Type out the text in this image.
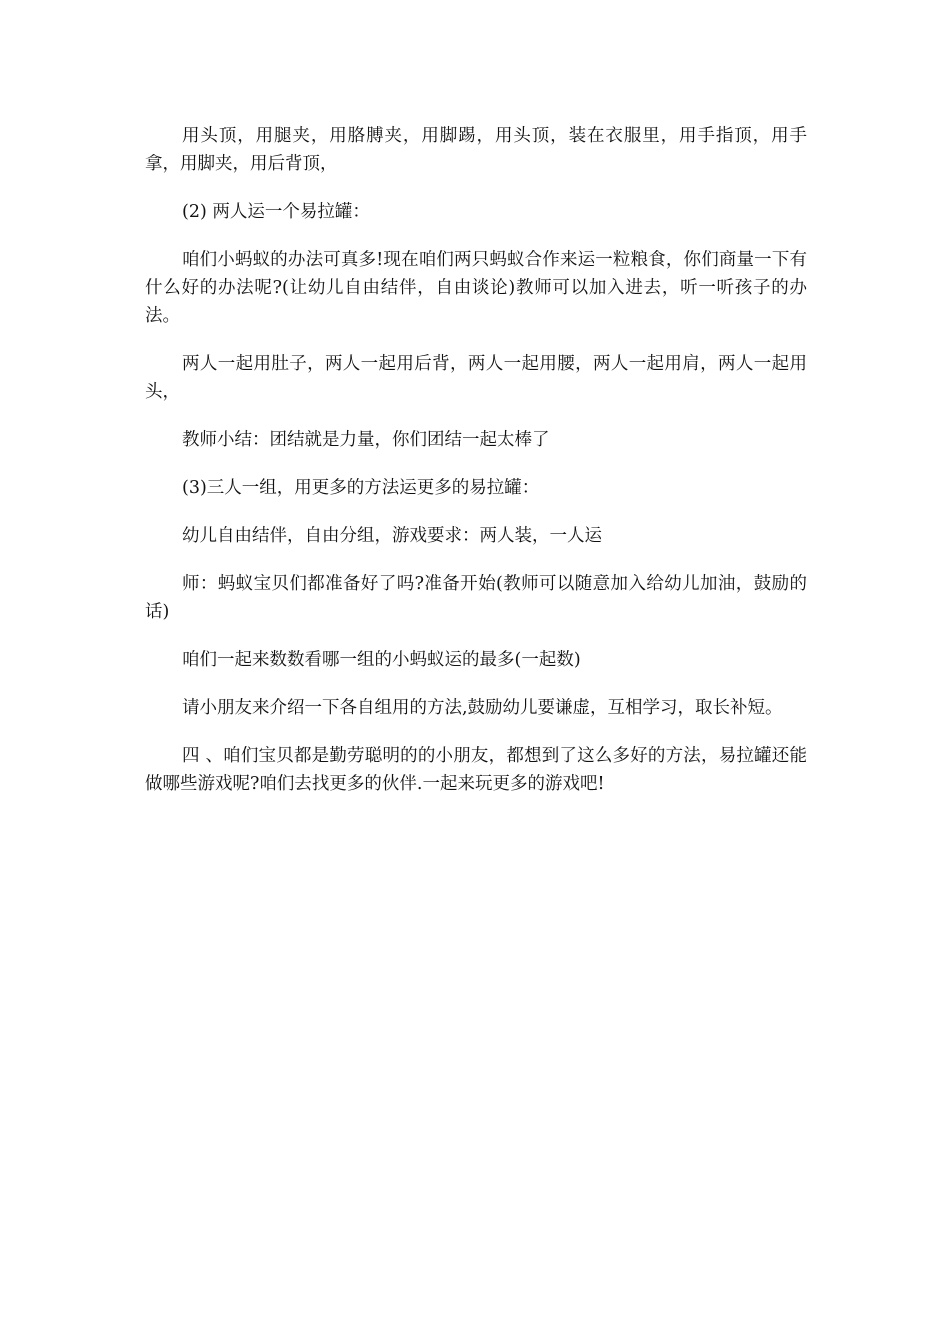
用头顶，用腿夹，用胳膊夹，用脚踢，用头顶，装在衣服里，用手指顶，用手拿，用脚夹，用后背顶，

(2) 两人运一个易拉罐：

咱们小蚂蚁的办法可真多!现在咱们两只蚂蚁合作来运一粒粮食，你们商量一下有什么好的办法呢?(让幼儿自由结伴，自由谈论)教师可以加入进去，听一听孩子的办法。

两人一起用肚子，两人一起用后背，两人一起用腰，两人一起用肩，两人一起用头，

教师小结：团结就是力量，你们团结一起太棒了

(3)三人一组，用更多的方法运更多的易拉罐：

幼儿自由结伴，自由分组，游戏要求：两人装，一人运

师：蚂蚁宝贝们都准备好了吗?准备开始(教师可以随意加入给幼儿加油，鼓励的话)

咱们一起来数数看哪一组的小蚂蚁运的最多(一起数)

请小朋友来介绍一下各自组用的方法,鼓励幼儿要谦虚，互相学习，取长补短。

四 、咱们宝贝都是勤劳聪明的的小朋友，都想到了这么多好的方法，易拉罐还能做哪些游戏呢?咱们去找更多的伙伴.一起来玩更多的游戏吧!
